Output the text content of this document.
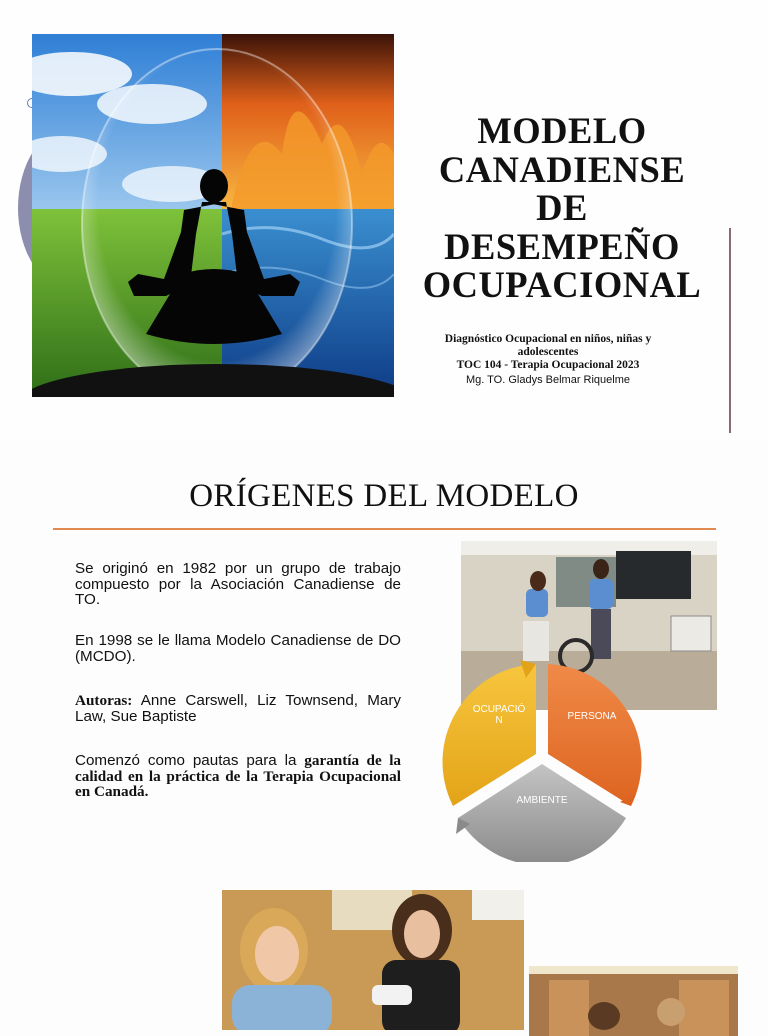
MODELO
CANADIENSE
DE
DESEMPEÑO
OCUPACIONAL
Diagnóstico Ocupacional en niños, niñas y
adolescentes
TOC 104 - Terapia Ocupacional 2023
Mg. TO. Gladys Belmar Riquelme
ORÍGENES DEL MODELO

Se originó en 1982 por un grupo de trabajo compuesto por la Asociación Canadiense de TO.

En 1998 se le llama Modelo Canadiense de DO (MCDO).

Autoras: Anne Carswell, Liz Townsend, Mary Law, Sue Baptiste

Comenzó como pautas para la garantía de la calidad en la práctica de la Terapia Ocupacional en Canadá.

OCUPACIÓ
N	PERSONA
AMBIENTE
